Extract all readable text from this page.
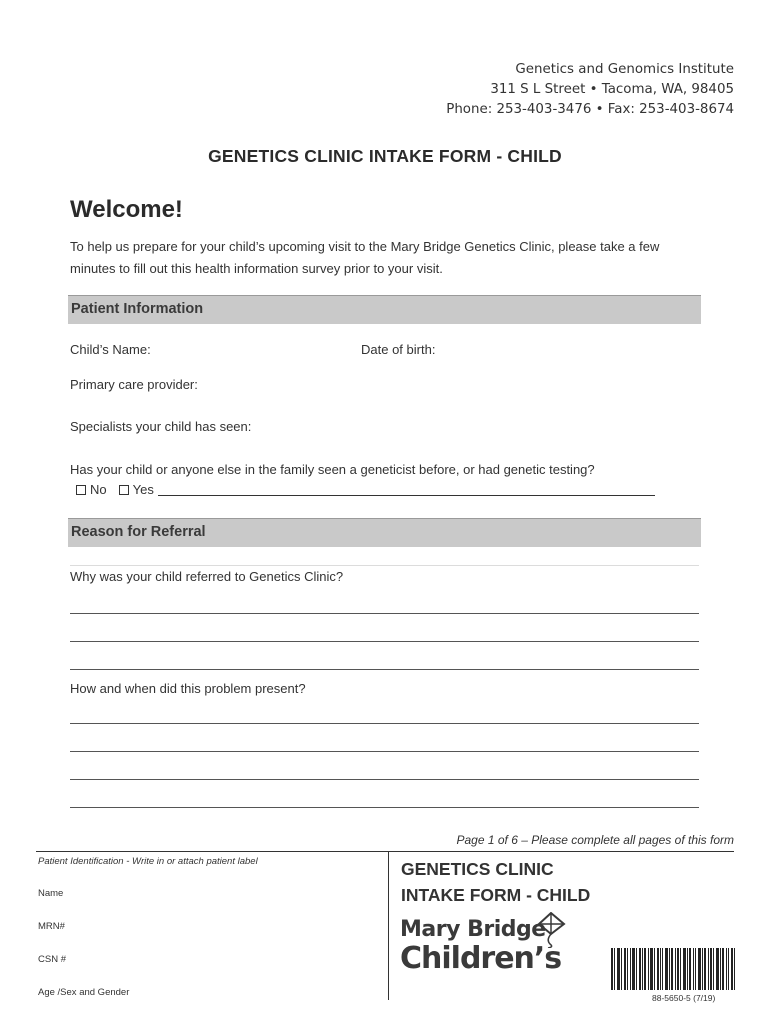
Genetics and Genomics Institute
311 S L Street • Tacoma, WA, 98405
Phone: 253-403-3476 • Fax: 253-403-8674
GENETICS CLINIC INTAKE FORM - CHILD
Welcome!
To help us prepare for your child’s upcoming visit to the Mary Bridge Genetics Clinic, please take a few
minutes to fill out this health information survey prior to your visit.
Patient Information
Child’s Name:	Date of birth:
Primary care provider:
Specialists your child has seen:
Has your child or anyone else in the family seen a geneticist before, or had genetic testing?
No Yes
Reason for Referral
Why was your child referred to Genetics Clinic?
How and when did this problem present?
Page 1 of 6 – Please complete all pages of this form
Patient Identification - Write in or attach patient label
Name
MRN#
CSN #
Age /Sex and Gender
GENETICS CLINIC
INTAKE FORM - CHILD
Mary Bridge
Children’s
88-5650-5 (7/19)
